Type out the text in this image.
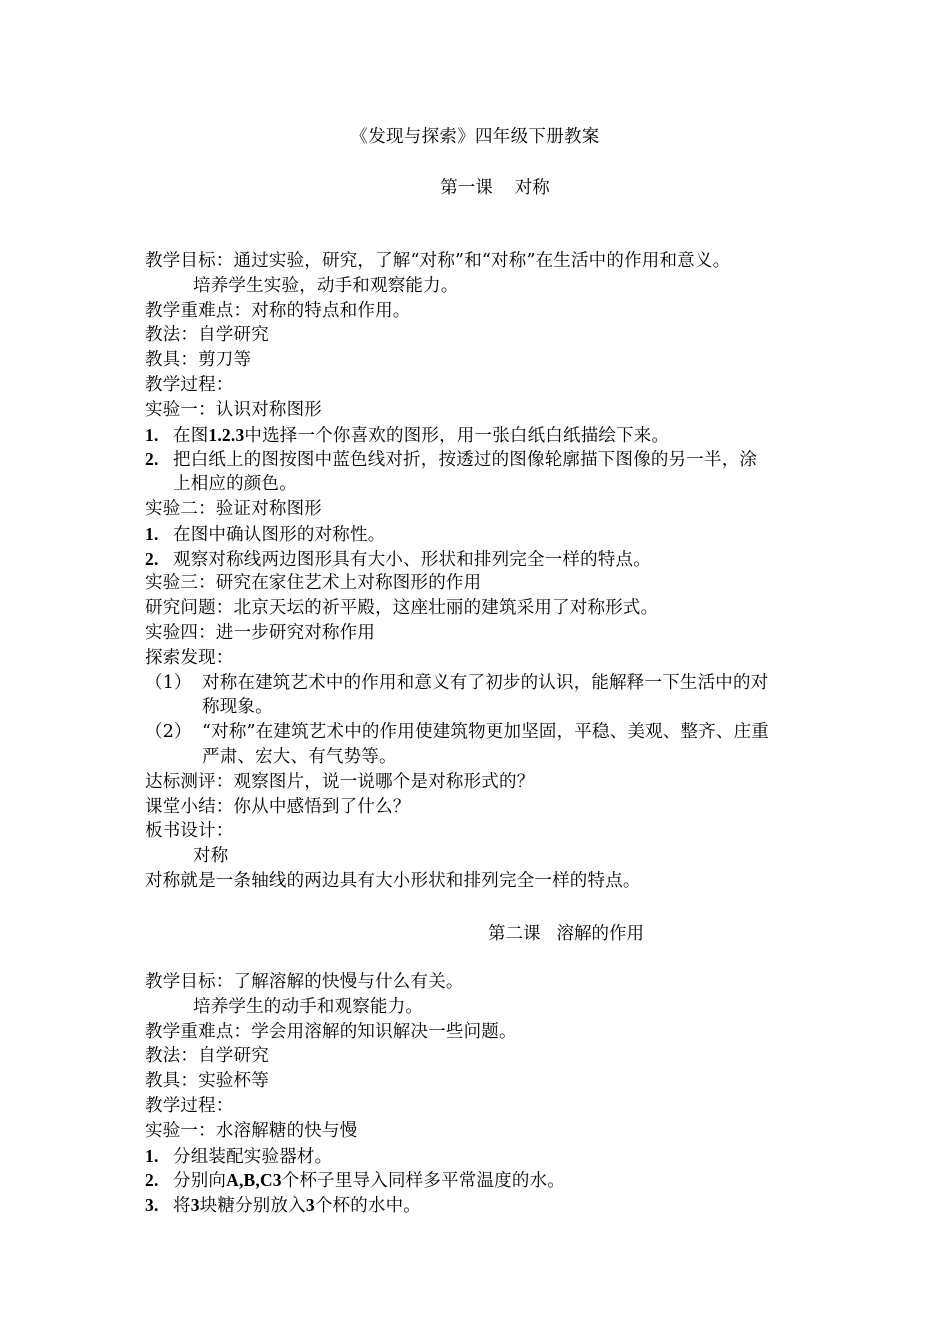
《发现与探索》四年级下册教案
第一课 对称
教学目标：通过实验，研究，了解“对称”和“对称”在生活中的作用和意义。
培养学生实验，动手和观察能力。
教学重难点：对称的特点和作用。
教法：自学研究
教具：剪刀等
教学过程：
实验一：认识对称图形
1. 在图1.2.3中选择一个你喜欢的图形，用一张白纸白纸描绘下来。
2. 把白纸上的图按图中蓝色线对折，按透过的图像轮廓描下图像的另一半，涂
上相应的颜色。
实验二：验证对称图形
1. 在图中确认图形的对称性。
2. 观察对称线两边图形具有大小、形状和排列完全一样的特点。
实验三：研究在家住艺术上对称图形的作用
研究问题：北京天坛的祈平殿，这座壮丽的建筑采用了对称形式。
实验四：进一步研究对称作用
探索发现：
（1） 对称在建筑艺术中的作用和意义有了初步的认识，能解释一下生活中的对
称现象。
（2） “对称”在建筑艺术中的作用使建筑物更加坚固，平稳、美观、整齐、庄重
严肃、宏大、有气势等。
达标测评：观察图片，说一说哪个是对称形式的？
课堂小结：你从中感悟到了什么？
板书设计：
对称
对称就是一条轴线的两边具有大小形状和排列完全一样的特点。
第二课 溶解的作用
教学目标：了解溶解的快慢与什么有关。
培养学生的动手和观察能力。
教学重难点：学会用溶解的知识解决一些问题。
教法：自学研究
教具：实验杯等
教学过程：
实验一：水溶解糖的快与慢
1. 分组装配实验器材。
2. 分别向A,B,C3个杯子里导入同样多平常温度的水。
3. 将3块糖分别放入3个杯的水中。
